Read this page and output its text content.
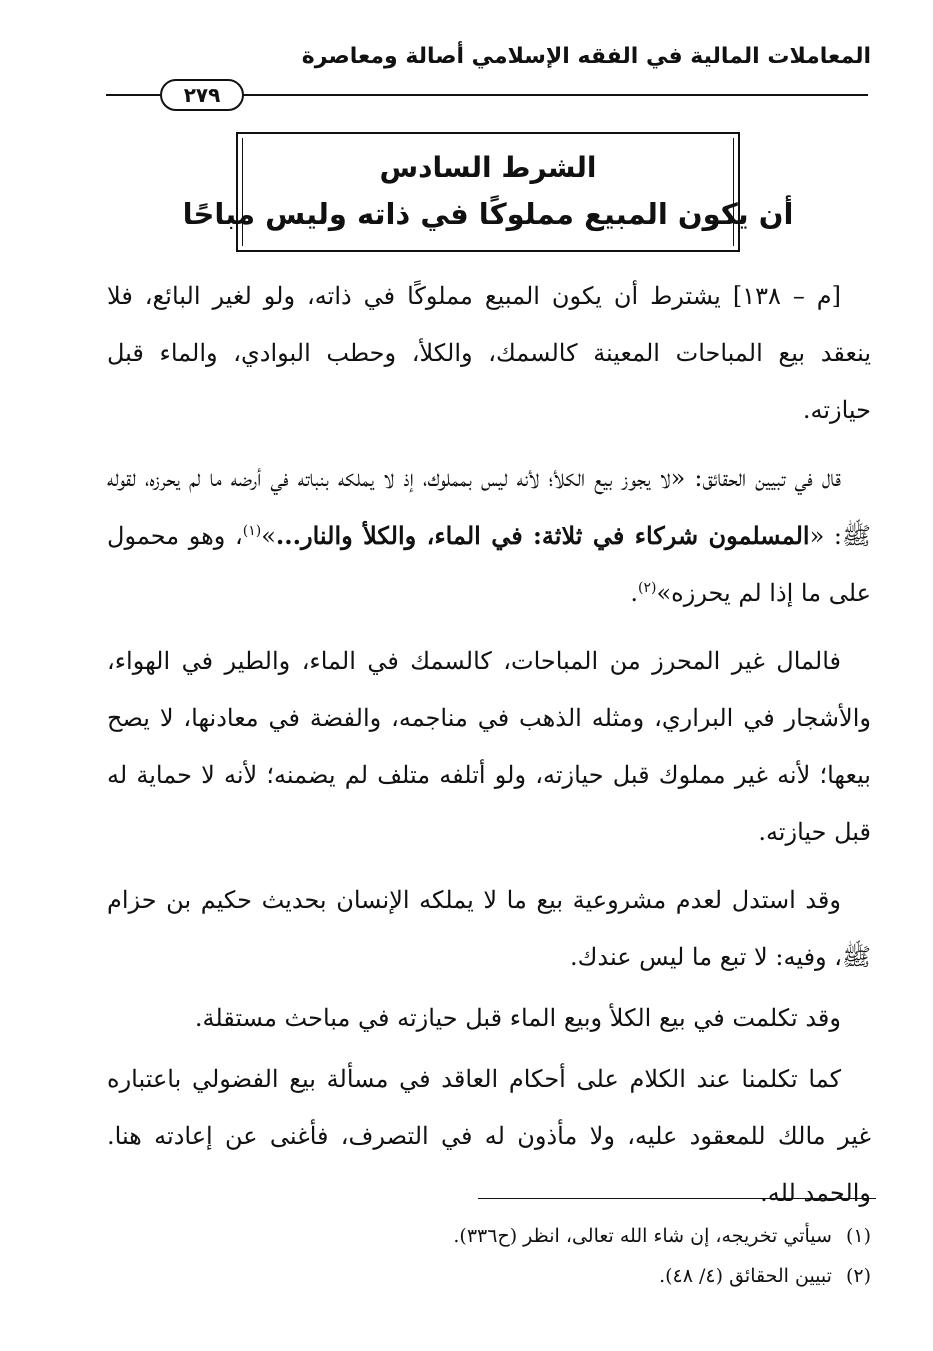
المعاملات المالية في الفقه الإسلامي أصالة ومعاصرة
٢٧٩
الشرط السادس
أن يكون المبيع مملوكًا في ذاته وليس مباحًا

[م – ١٣٨] يشترط أن يكون المبيع مملوكًا في ذاته، ولو لغير البائع، فلا ينعقد بيع المباحات المعينة كالسمك، والكلأ، وحطب البوادي، والماء قبل حيازته.

قال في تبيين الحقائق: «لا يجوز بيع الكلأ؛ لأنه ليس بمملوك، إذ لا يملكه بنباته في أرضه ما لم يحرزه، لقوله ﷺ: «المسلمون شركاء في ثلاثة: في الماء، والكلأ والنار...»$^{(١)}$، وهو محمول على ما إذا لم يحرزه»$^{(٢)}$.

فالمال غير المحرز من المباحات، كالسمك في الماء، والطير في الهواء، والأشجار في البراري، ومثله الذهب في مناجمه، والفضة في معادنها، لا يصح بيعها؛ لأنه غير مملوك قبل حيازته، ولو أتلفه متلف لم يضمنه؛ لأنه لا حماية له قبل حيازته.

وقد استدل لعدم مشروعية بيع ما لا يملكه الإنسان بحديث حكيم بن حزام ﷺ، وفيه: لا تبع ما ليس عندك.

وقد تكلمت في بيع الكلأ وبيع الماء قبل حيازته في مباحث مستقلة.

كما تكلمنا عند الكلام على أحكام العاقد في مسألة بيع الفضولي باعتباره غير مالك للمعقود عليه، ولا مأذون له في التصرف، فأغنى عن إعادته هنا. والحمد لله.

(١)سيأتي تخريجه، إن شاء الله تعالى، انظر (ح٣٣٦).
(٢)تبيين الحقائق (٤/ ٤٨).
